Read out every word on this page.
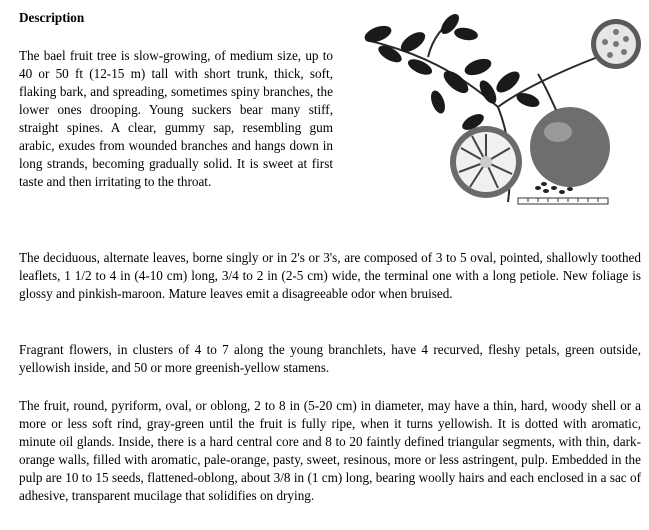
Description

The bael fruit tree is slow-growing, of medium size, up to 40 or 50 ft (12-15 m) tall with short trunk, thick, soft, flaking bark, and spreading, sometimes spiny branches, the lower ones drooping. Young suckers bear many stiff, straight spines. A clear, gummy sap, resembling gum arabic, exudes from wounded branches and hangs down in long strands, becoming gradually solid. It is sweet at first taste and then irritating to the throat.

The deciduous, alternate leaves, borne singly or in 2's or 3's, are composed of 3 to 5 oval, pointed, shallowly toothed leaflets, 1 1/2 to 4 in (4-10 cm) long, 3/4 to 2 in (2-5 cm) wide, the terminal one with a long petiole. New foliage is glossy and pinkish-maroon. Mature leaves emit a disagreeable odor when bruised.

Fragrant flowers, in clusters of 4 to 7 along the young branchlets, have 4 recurved, fleshy petals, green outside, yellowish inside, and 50 or more greenish-yellow stamens.

The fruit, round, pyriform, oval, or oblong, 2 to 8 in (5-20 cm) in diameter, may have a thin, hard, woody shell or a more or less soft rind, gray-green until the fruit is fully ripe, when it turns yellowish. It is dotted with aromatic, minute oil glands. Inside, there is a hard central core and 8 to 20 faintly defined triangular segments, with thin, dark-orange walls, filled with aromatic, pale-orange, pasty, sweet, resinous, more or less astringent, pulp. Embedded in the pulp are 10 to 15 seeds, flattened-oblong, about 3/8 in (1 cm) long, bearing woolly hairs and each enclosed in a sac of adhesive, transparent mucilage that solidifies on drying.
